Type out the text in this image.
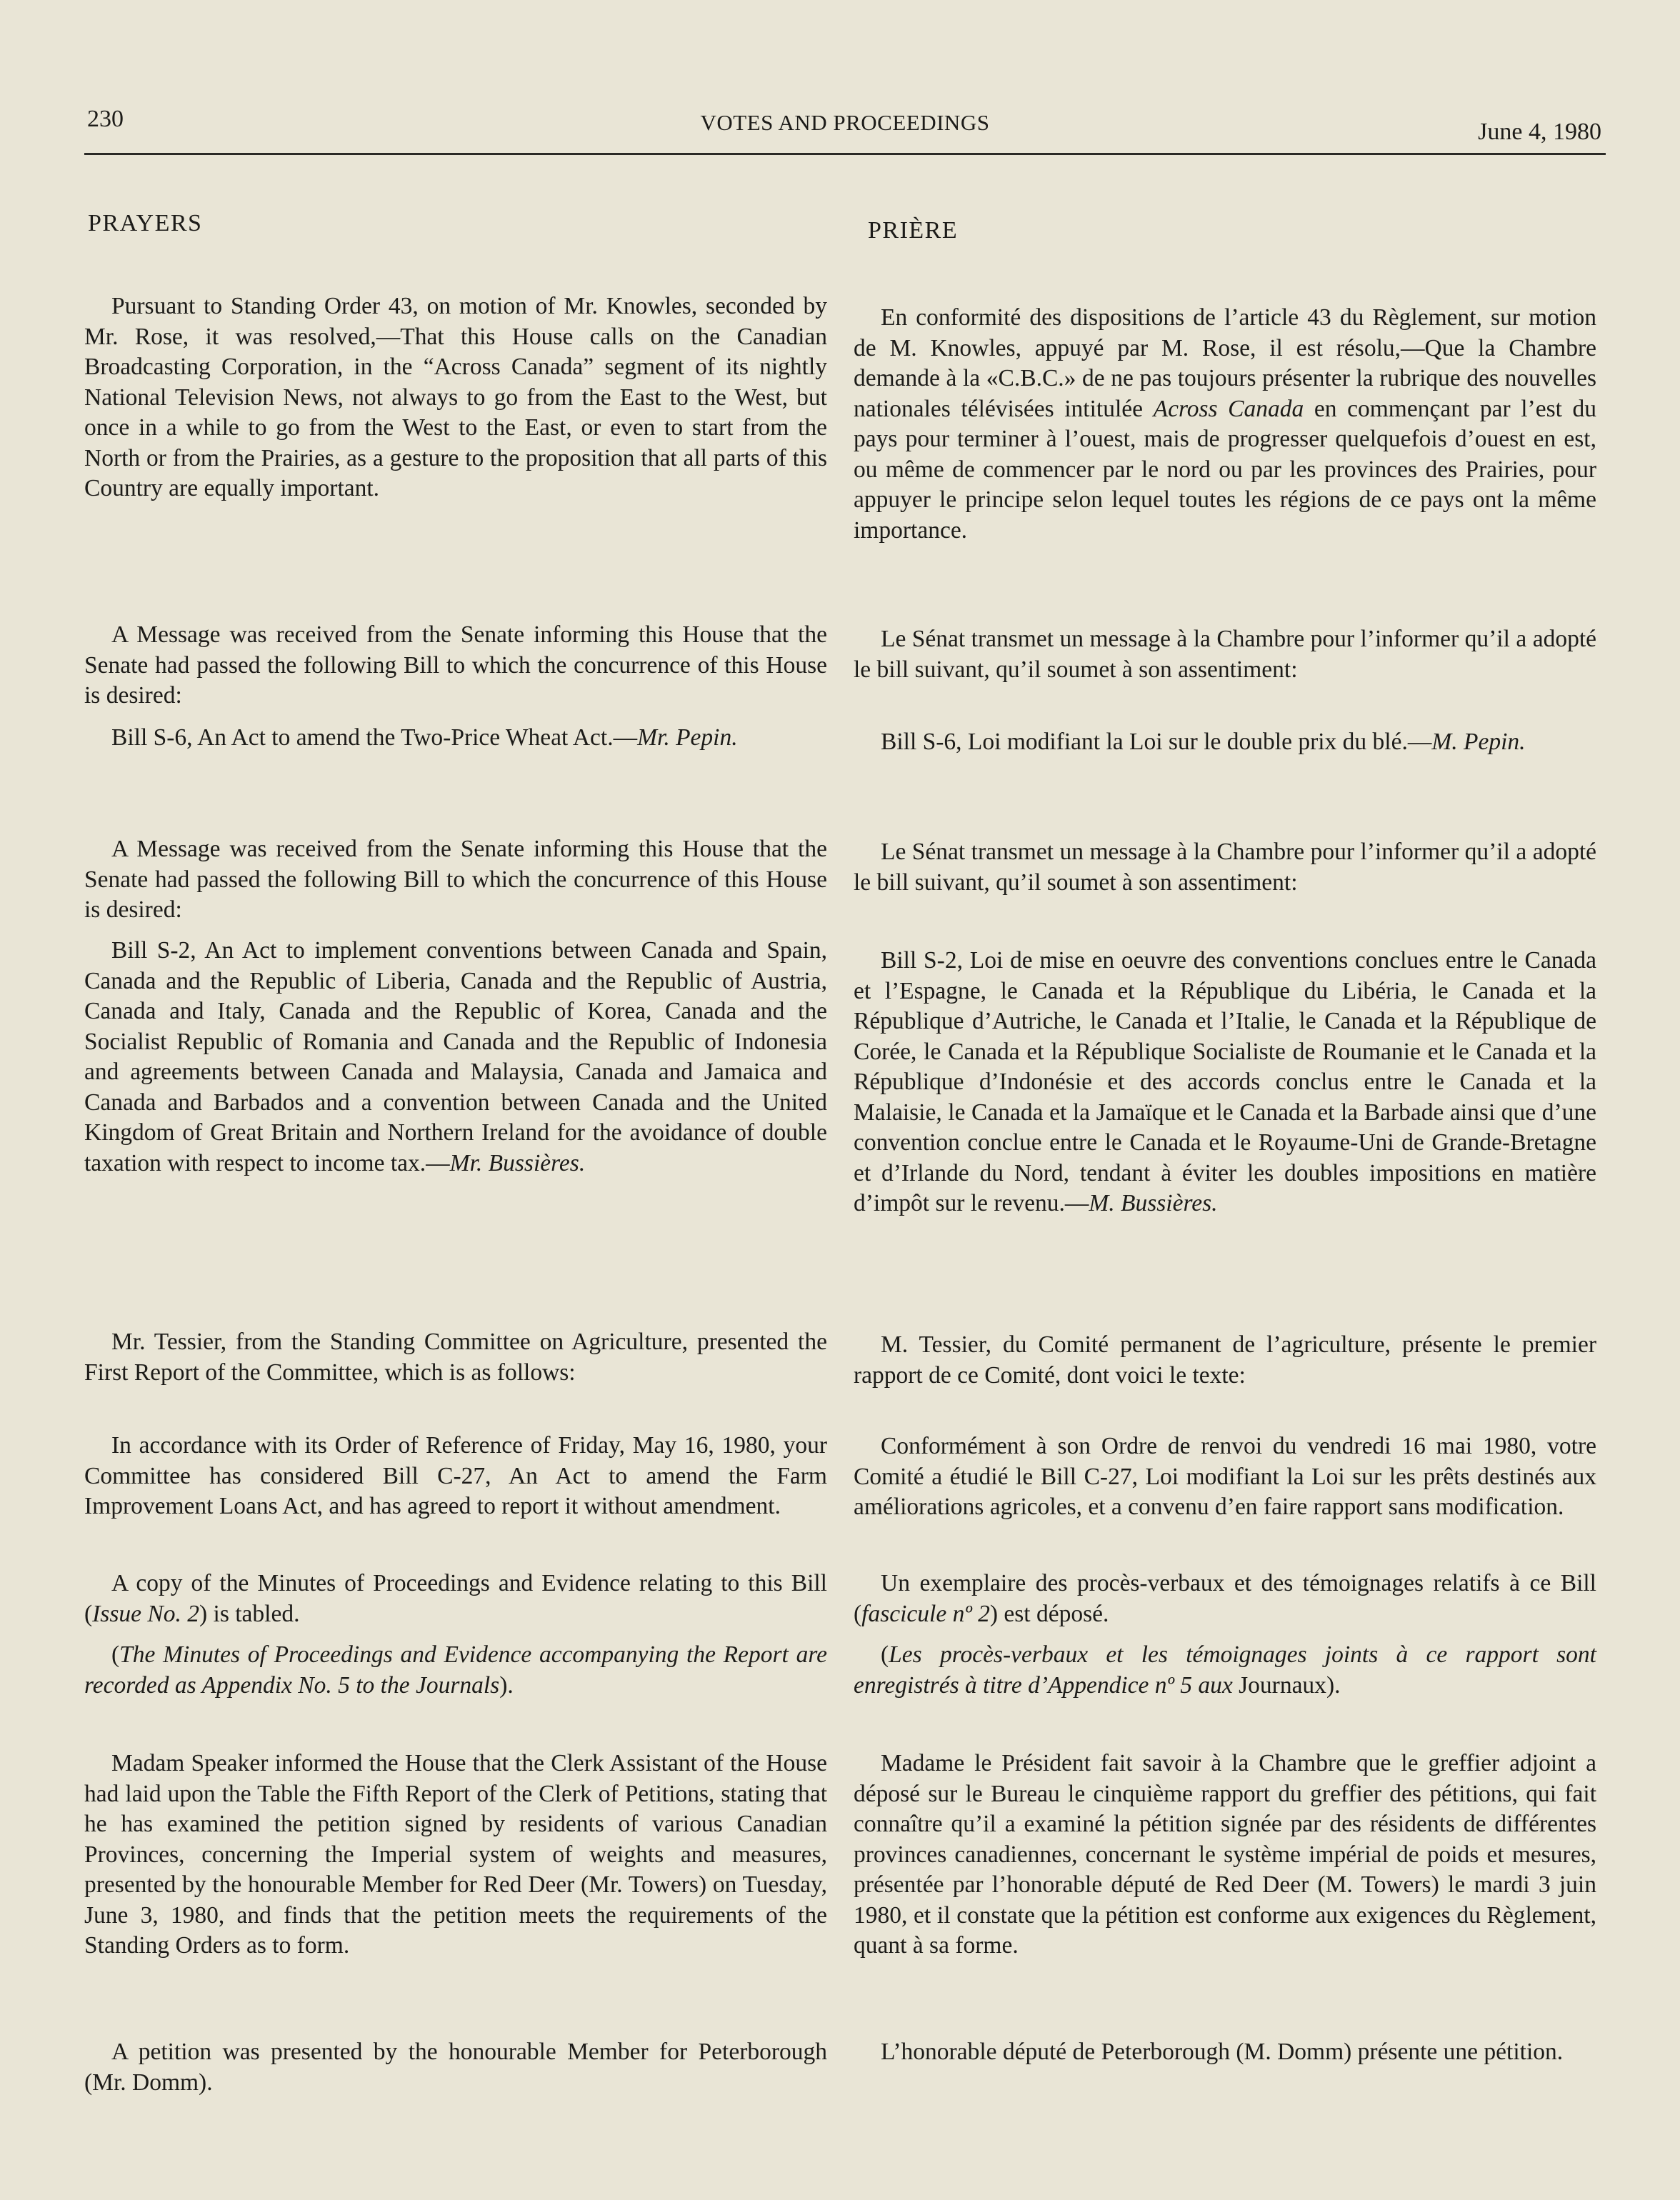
230	VOTES AND PROCEEDINGS	June 4, 1980
PRAYERS

Pursuant to Standing Order 43, on motion of Mr. Knowles, seconded by Mr. Rose, it was resolved,—That this House calls on the Canadian Broadcasting Corporation, in the “Across Canada” segment of its nightly National Television News, not always to go from the East to the West, but once in a while to go from the West to the East, or even to start from the North or from the Prairies, as a gesture to the proposition that all parts of this Country are equally important.

A Message was received from the Senate informing this House that the Senate had passed the following Bill to which the concurrence of this House is desired:

Bill S-6, An Act to amend the Two-Price Wheat Act.—Mr. Pepin.

A Message was received from the Senate informing this House that the Senate had passed the following Bill to which the concurrence of this House is desired:

Bill S-2, An Act to implement conventions between Canada and Spain, Canada and the Republic of Liberia, Canada and the Republic of Austria, Canada and Italy, Canada and the Republic of Korea, Canada and the Socialist Republic of Romania and Canada and the Republic of Indonesia and agreements between Canada and Malaysia, Canada and Jamaica and Canada and Barbados and a convention between Canada and the United Kingdom of Great Britain and Northern Ireland for the avoidance of double taxation with respect to income tax.—Mr. Bussières.

Mr. Tessier, from the Standing Committee on Agriculture, presented the First Report of the Committee, which is as follows:

In accordance with its Order of Reference of Friday, May 16, 1980, your Committee has considered Bill C-27, An Act to amend the Farm Improvement Loans Act, and has agreed to report it without amendment.

A copy of the Minutes of Proceedings and Evidence relating to this Bill (Issue No. 2) is tabled.

(The Minutes of Proceedings and Evidence accompanying the Report are recorded as Appendix No. 5 to the Journals).

Madam Speaker informed the House that the Clerk Assistant of the House had laid upon the Table the Fifth Report of the Clerk of Petitions, stating that he has examined the petition signed by residents of various Canadian Provinces, concerning the Imperial system of weights and measures, presented by the honourable Member for Red Deer (Mr. Towers) on Tuesday, June 3, 1980, and finds that the petition meets the requirements of the Standing Orders as to form.

A petition was presented by the honourable Member for Peterborough (Mr. Domm).

PRIÈRE

En conformité des dispositions de l’article 43 du Règlement, sur motion de M. Knowles, appuyé par M. Rose, il est résolu,—Que la Chambre demande à la «C.B.C.» de ne pas toujours présenter la rubrique des nouvelles nationales télévisées intitulée Across Canada en commençant par l’est du pays pour terminer à l’ouest, mais de progresser quelquefois d’ouest en est, ou même de commencer par le nord ou par les provinces des Prairies, pour appuyer le principe selon lequel toutes les régions de ce pays ont la même importance.

Le Sénat transmet un message à la Chambre pour l’informer qu’il a adopté le bill suivant, qu’il soumet à son assentiment:

Bill S-6, Loi modifiant la Loi sur le double prix du blé.—M. Pepin.

Le Sénat transmet un message à la Chambre pour l’informer qu’il a adopté le bill suivant, qu’il soumet à son assentiment:

Bill S-2, Loi de mise en oeuvre des conventions conclues entre le Canada et l’Espagne, le Canada et la République du Libéria, le Canada et la République d’Autriche, le Canada et l’Italie, le Canada et la République de Corée, le Canada et la République Socialiste de Roumanie et le Canada et la République d’Indonésie et des accords conclus entre le Canada et la Malaisie, le Canada et la Jamaïque et le Canada et la Barbade ainsi que d’une convention conclue entre le Canada et le Royaume-Uni de Grande-Bretagne et d’Irlande du Nord, tendant à éviter les doubles impositions en matière d’impôt sur le revenu.—M. Bussières.

M. Tessier, du Comité permanent de l’agriculture, présente le premier rapport de ce Comité, dont voici le texte:

Conformément à son Ordre de renvoi du vendredi 16 mai 1980, votre Comité a étudié le Bill C-27, Loi modifiant la Loi sur les prêts destinés aux améliorations agricoles, et a convenu d’en faire rapport sans modification.

Un exemplaire des procès-verbaux et des témoignages relatifs à ce Bill (fascicule nº 2) est déposé.

(Les procès-verbaux et les témoignages joints à ce rapport sont enregistrés à titre d’Appendice nº 5 aux Journaux).

Madame le Président fait savoir à la Chambre que le greffier adjoint a déposé sur le Bureau le cinquième rapport du greffier des pétitions, qui fait connaître qu’il a examiné la pétition signée par des résidents de différentes provinces canadiennes, concernant le système impérial de poids et mesures, présentée par l’honorable député de Red Deer (M. Towers) le mardi 3 juin 1980, et il constate que la pétition est conforme aux exigences du Règlement, quant à sa forme.

L’honorable député de Peterborough (M. Domm) présente une pétition.
